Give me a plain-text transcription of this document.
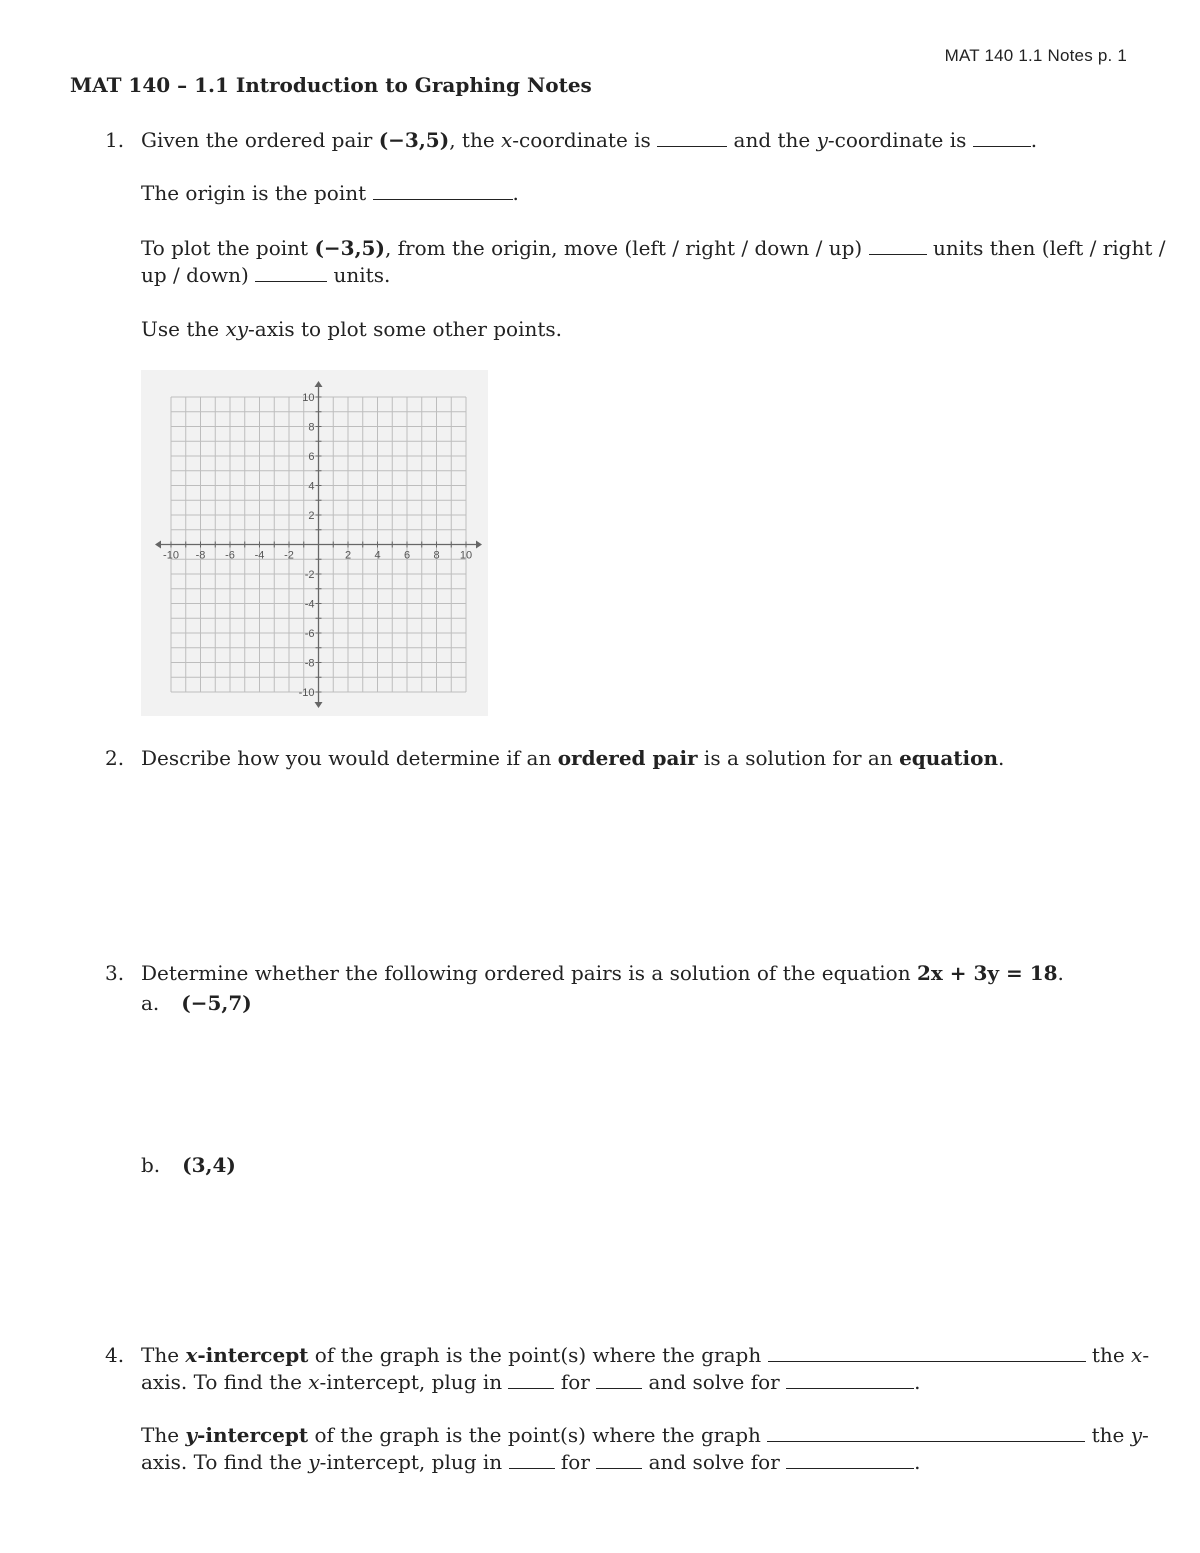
MAT 140 1.1 Notes p. 1
MAT 140 – 1.1 Introduction to Graphing Notes
1. Given the ordered pair (−3,5), the x-coordinate is	and the y-coordinate is	.
The origin is the point	.
To plot the point (−3,5), from the origin, move (left / right / down / up)	units then (left / right /
up / down)	units.
Use the xy-axis to plot some other points.
-10 -8 -6 -4 -2	2 4 6 8 10
10
8
6
4
2
-2
-4
-6
-8
-10
2. Describe how you would determine if an ordered pair is a solution for an equation.
3. Determine whether the following ordered pairs is a solution of the equation 2x + 3y = 18.
a. (−5,7)
b. (3,4)
4. The x-intercept of the graph is the point(s) where the graph	the x-
axis. To find the x-intercept, plug in  for  and solve for	.
The y-intercept of the graph is the point(s) where the graph	the y-
axis. To find the y-intercept, plug in  for  and solve for	.
